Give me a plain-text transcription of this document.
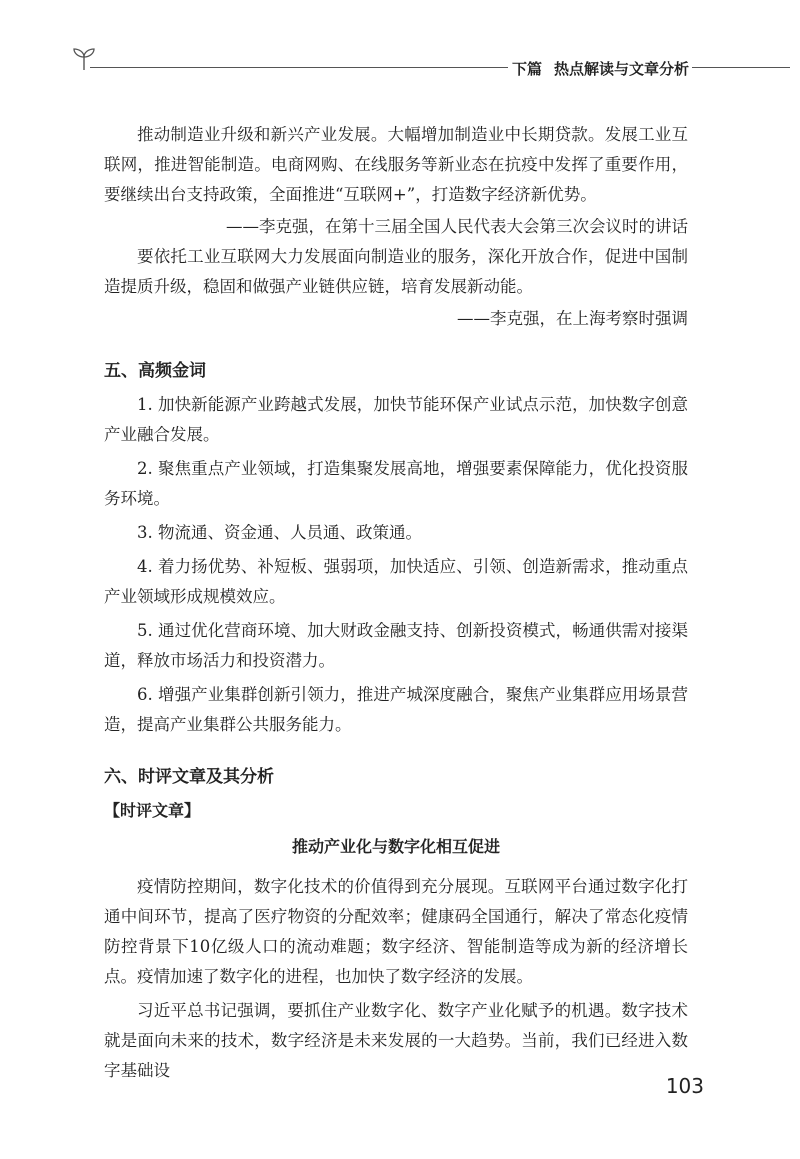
下篇 热点解读与文章分析

推动制造业升级和新兴产业发展。大幅增加制造业中长期贷款。发展工业互联网，推进智能制造。电商网购、在线服务等新业态在抗疫中发挥了重要作用，要继续出台支持政策，全面推进“互联网+”，打造数字经济新优势。

——李克强，在第十三届全国人民代表大会第三次会议时的讲话

要依托工业互联网大力发展面向制造业的服务，深化开放合作，促进中国制造提质升级，稳固和做强产业链供应链，培育发展新动能。

——李克强，在上海考察时强调

五、高频金词

1. 加快新能源产业跨越式发展，加快节能环保产业试点示范，加快数字创意产业融合发展。

2. 聚焦重点产业领域，打造集聚发展高地，增强要素保障能力，优化投资服务环境。

3. 物流通、资金通、人员通、政策通。

4. 着力扬优势、补短板、强弱项，加快适应、引领、创造新需求，推动重点产业领域形成规模效应。

5. 通过优化营商环境、加大财政金融支持、创新投资模式，畅通供需对接渠道，释放市场活力和投资潜力。

6. 增强产业集群创新引领力，推进产城深度融合，聚焦产业集群应用场景营造，提高产业集群公共服务能力。

六、时评文章及其分析
【时评文章】
推动产业化与数字化相互促进

疫情防控期间，数字化技术的价值得到充分展现。互联网平台通过数字化打通中间环节，提高了医疗物资的分配效率；健康码全国通行，解决了常态化疫情防控背景下10亿级人口的流动难题；数字经济、智能制造等成为新的经济增长点。疫情加速了数字化的进程，也加快了数字经济的发展。

习近平总书记强调，要抓住产业数字化、数字产业化赋予的机遇。数字技术就是面向未来的技术，数字经济是未来发展的一大趋势。当前，我们已经进入数字基础设

103
